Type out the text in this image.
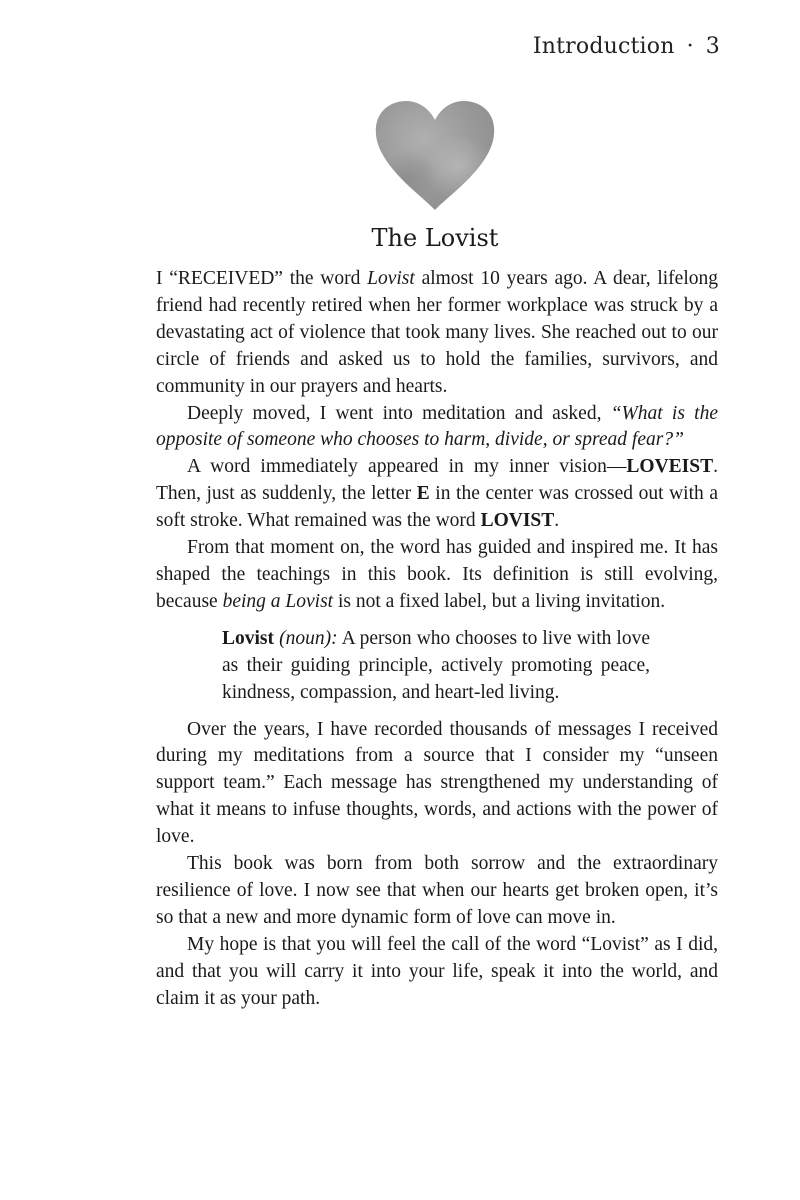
Introduction · 3
The Lovist

I “RECEIVED” the word Lovist almost 10 years ago. A dear, lifelong friend had recently retired when her former workplace was struck by a devastating act of violence that took many lives. She reached out to our circle of friends and asked us to hold the families, survivors, and community in our prayers and hearts.

Deeply moved, I went into meditation and asked, “What is the opposite of someone who chooses to harm, divide, or spread fear?”

A word immediately appeared in my inner vision—LOVEIST. Then, just as suddenly, the letter E in the center was crossed out with a soft stroke. What remained was the word LOVIST.

From that moment on, the word has guided and inspired me. It has shaped the teachings in this book. Its definition is still evolving, because being a Lovist is not a fixed label, but a living invitation.

Lovist (noun): A person who chooses to live with love as their guiding principle, actively promoting peace, kindness, compassion, and heart-led living.

Over the years, I have recorded thousands of messages I received during my meditations from a source that I consider my “unseen support team.” Each message has strengthened my understanding of what it means to infuse thoughts, words, and actions with the power of love.

This book was born from both sorrow and the extraordinary resilience of love. I now see that when our hearts get broken open, it’s so that a new and more dynamic form of love can move in.

My hope is that you will feel the call of the word “Lovist” as I did, and that you will carry it into your life, speak it into the world, and claim it as your path.
